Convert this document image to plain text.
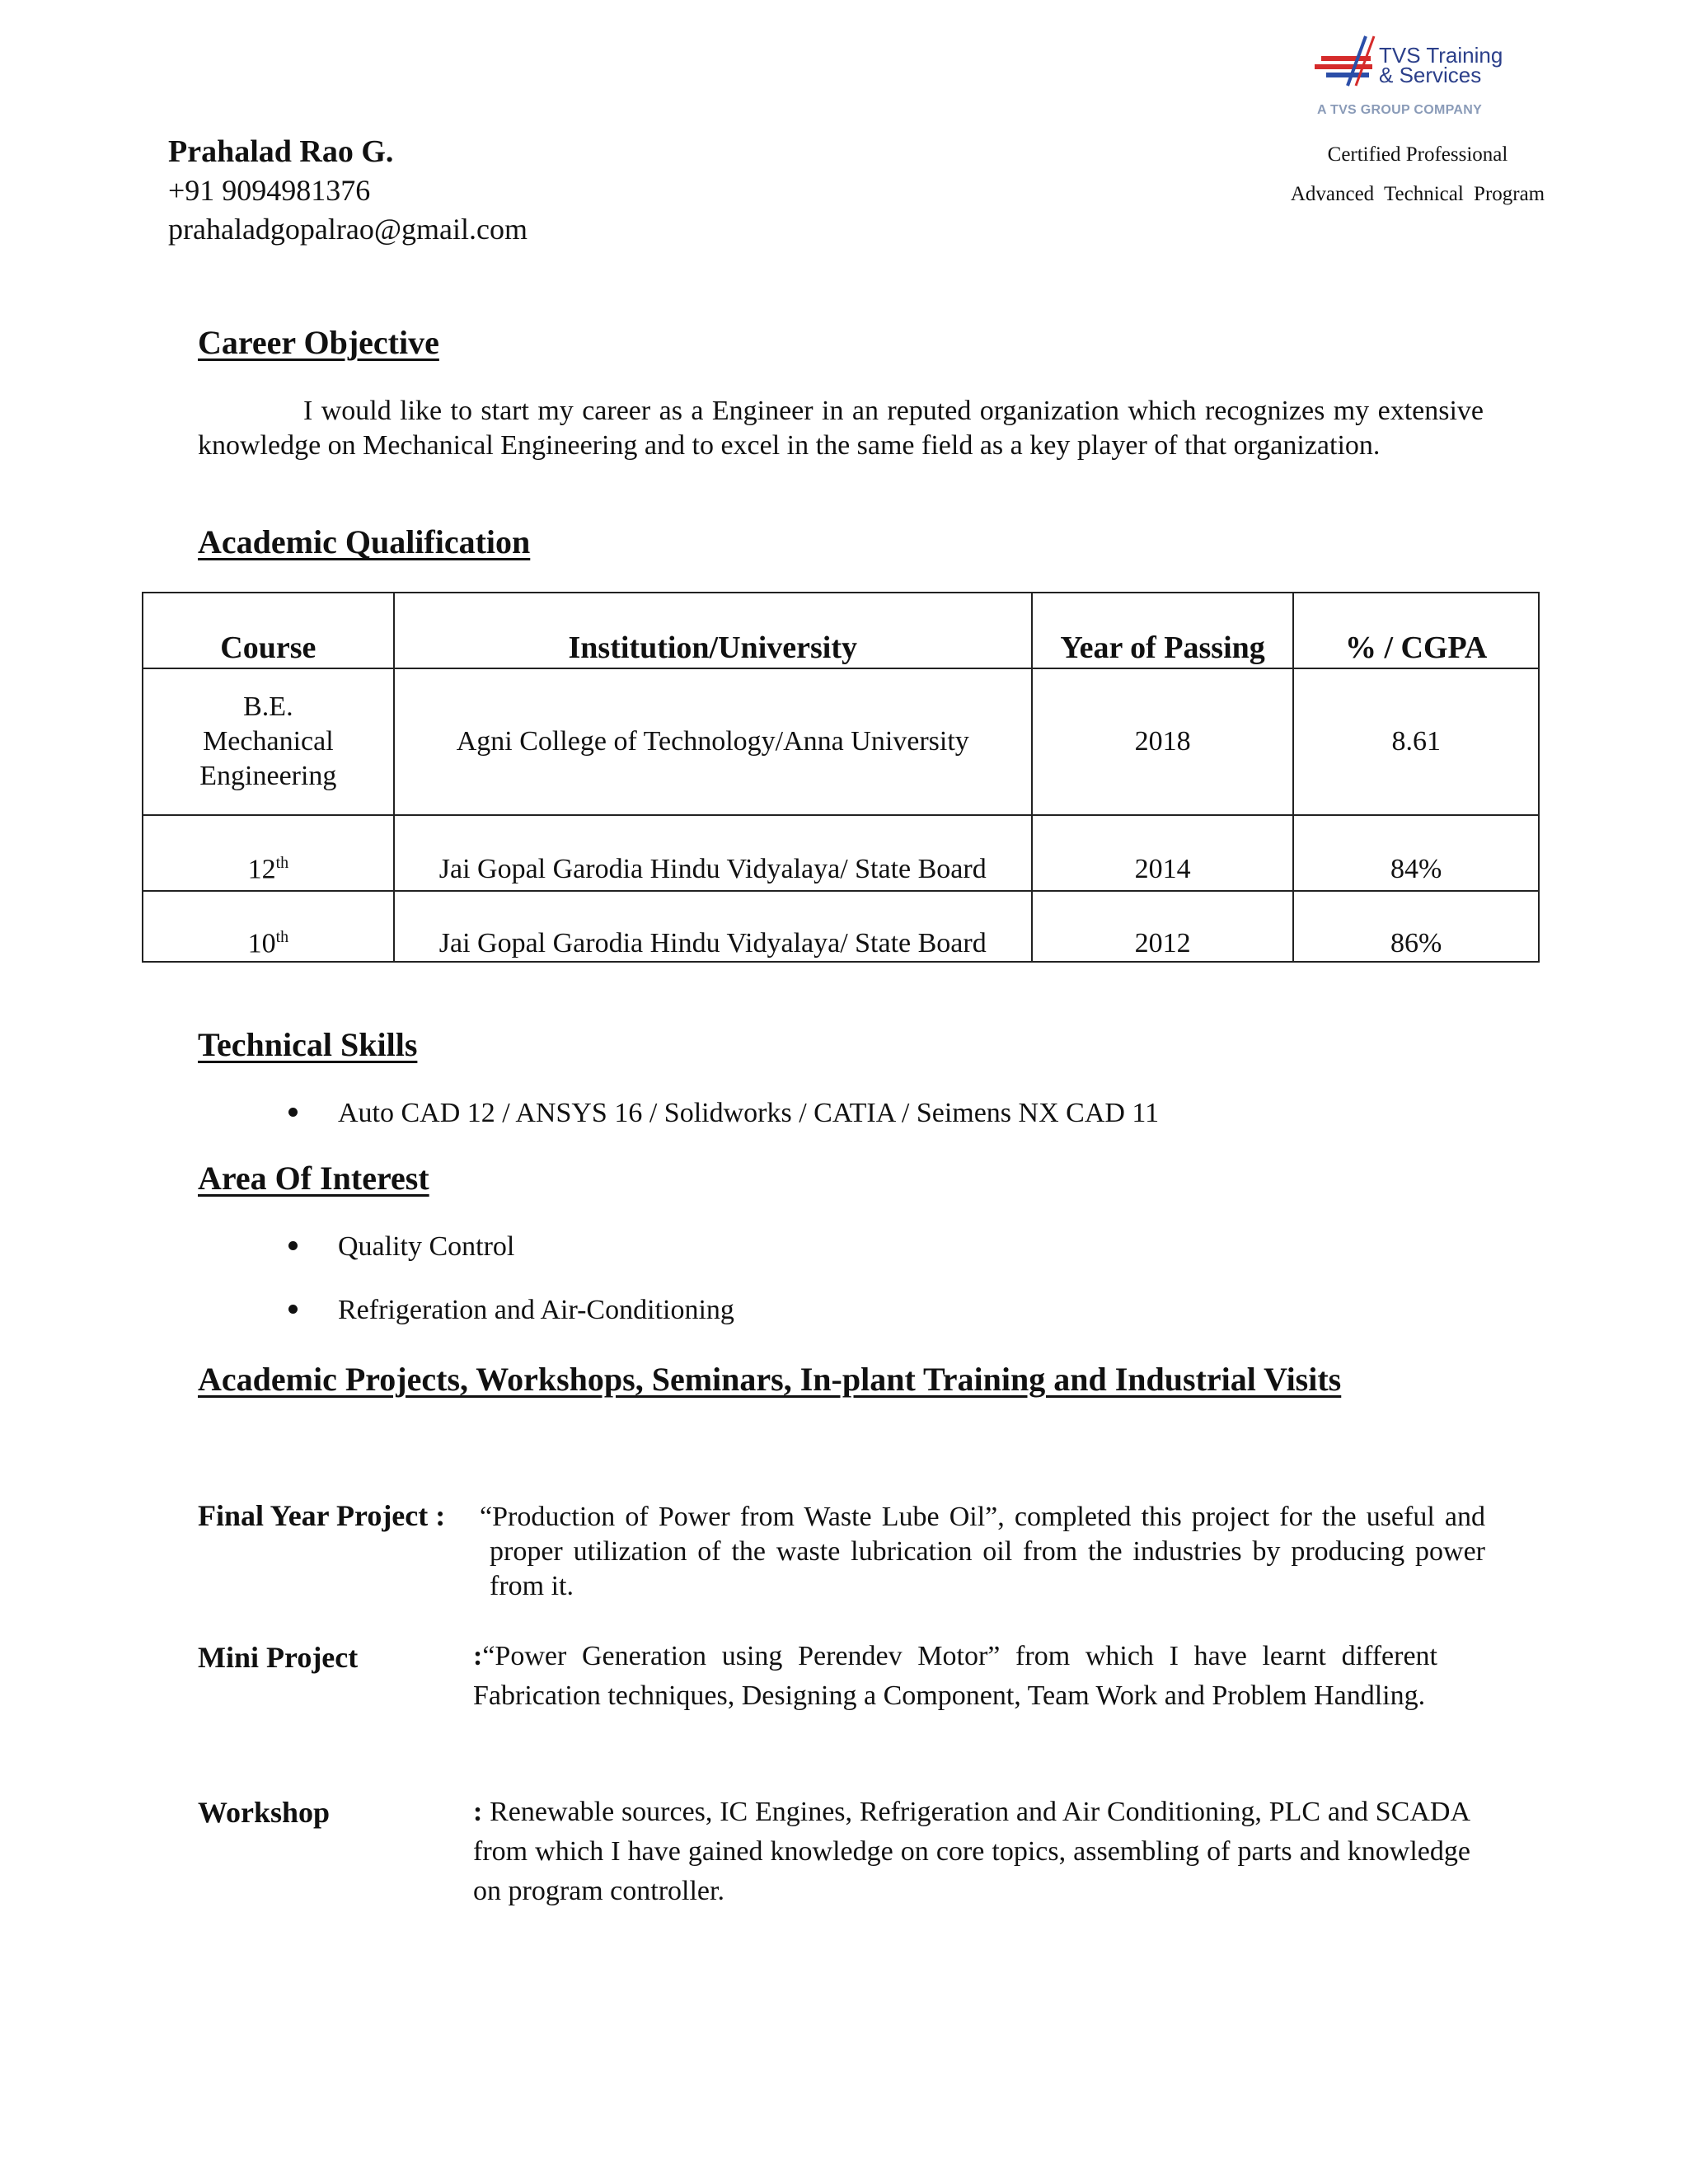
TVS Training
& Services
A TVS GROUP COMPANY
Prahalad Rao G.
+91 9094981376
prahaladgopalrao@gmail.com
Certified Professional
Advanced Technical Program
Career Objective
I would like to start my career as a Engineer in an reputed organization which recognizes my extensive knowledge on Mechanical Engineering and to excel in the same field as a key player of that organization.
Academic Qualification
Course	Institution/University	Year of Passing	% / CGPA

B.E.
Mechanical
Engineering	Agni College of Technology/Anna University	2018	8.61
12th	Jai Gopal Garodia Hindu Vidyalaya/ State Board	2014	84%
10th	Jai Gopal Garodia Hindu Vidyalaya/ State Board	2012	86%
Technical Skills
Auto CAD 12 / ANSYS 16 / Solidworks / CATIA / Seimens NX CAD 11
Area Of Interest
Quality Control
Refrigeration and Air-Conditioning
Academic Projects, Workshops, Seminars, In-plant Training and Industrial Visits
Final Year Project : “Production of Power from Waste Lube Oil”, completed this project for the useful and proper utilization of the waste lubrication oil from the industries by producing power from it.
Mini Project	:“Power Generation using Perendev Motor” from which I have learnt different Fabrication techniques, Designing a Component, Team Work and Problem Handling.
Workshop	: Renewable sources, IC Engines, Refrigeration and Air Conditioning, PLC and SCADA from which I have gained knowledge on core topics, assembling of parts and knowledge on program controller.
